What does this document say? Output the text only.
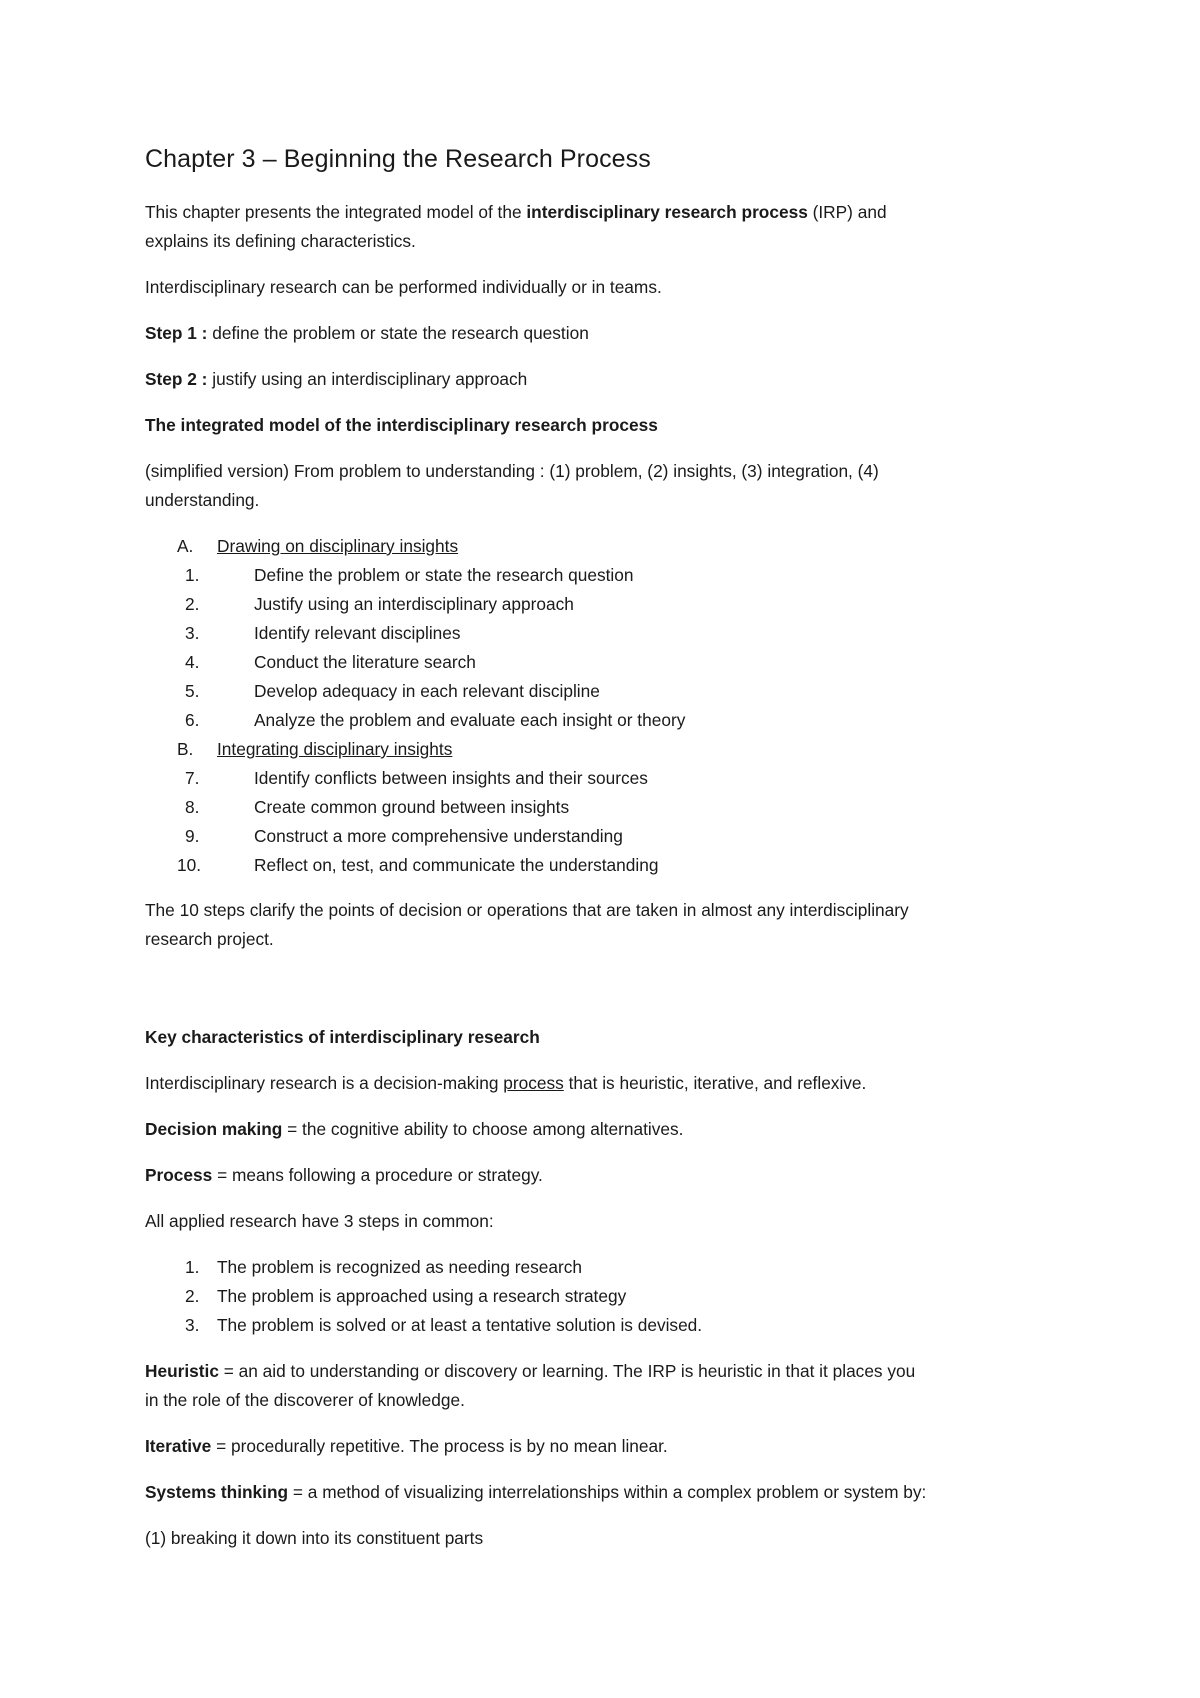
Chapter 3 – Beginning the Research Process
This chapter presents the integrated model of the interdisciplinary research process (IRP) and
explains its defining characteristics.
Interdisciplinary research can be performed individually or in teams.
Step 1 : define the problem or state the research question
Step 2 : justify using an interdisciplinary approach
The integrated model of the interdisciplinary research process
(simplified version) From problem to understanding : (1) problem, (2) insights, (3) integration, (4)
understanding.
A. Drawing on disciplinary insights
1.	Define the problem or state the research question
2.	Justify using an interdisciplinary approach
3.	Identify relevant disciplines
4.	Conduct the literature search
5.	Develop adequacy in each relevant discipline
6.	Analyze the problem and evaluate each insight or theory
B. Integrating disciplinary insights
7.	Identify conflicts between insights and their sources
8.	Create common ground between insights
9.	Construct a more comprehensive understanding
10.	Reflect on, test, and communicate the understanding
The 10 steps clarify the points of decision or operations that are taken in almost any interdisciplinary
research project.
Key characteristics of interdisciplinary research
Interdisciplinary research is a decision-making process that is heuristic, iterative, and reflexive.
Decision making = the cognitive ability to choose among alternatives.
Process = means following a procedure or strategy.
All applied research have 3 steps in common:
1. The problem is recognized as needing research
2. The problem is approached using a research strategy
3. The problem is solved or at least a tentative solution is devised.
Heuristic = an aid to understanding or discovery or learning. The IRP is heuristic in that it places you
in the role of the discoverer of knowledge.
Iterative = procedurally repetitive. The process is by no mean linear.
Systems thinking = a method of visualizing interrelationships within a complex problem or system by:
(1) breaking it down into its constituent parts
